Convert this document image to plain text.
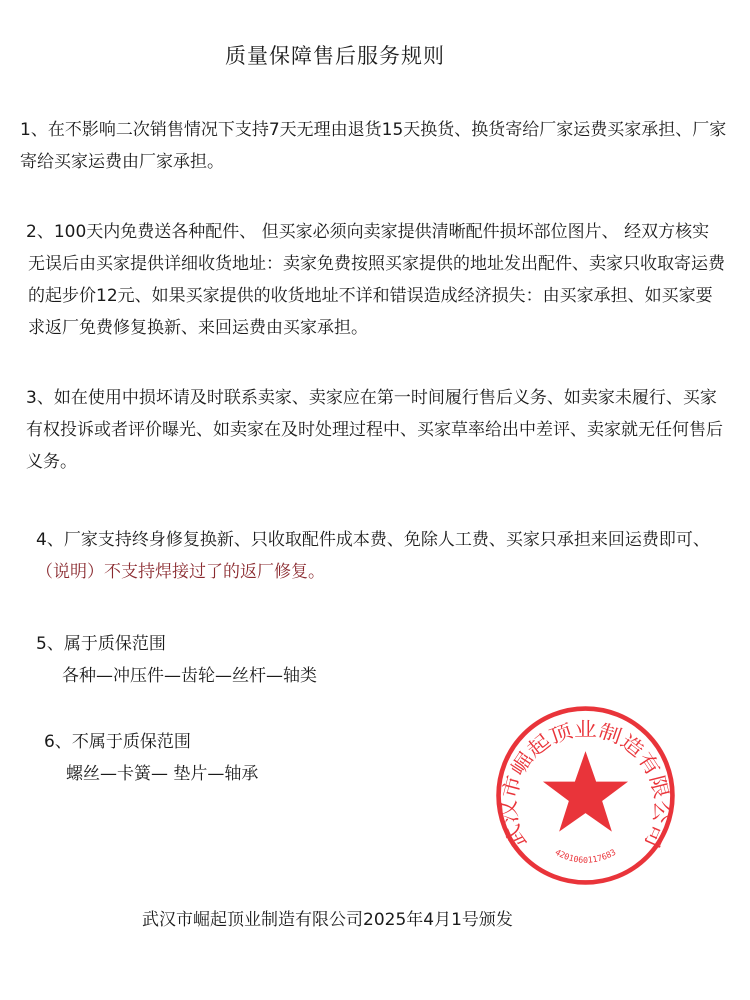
质量保障售后服务规则

1、在不影响二次销售情况下支持7天无理由退货15天换货、换货寄给厂家运费买家承担、厂家寄给买家运费由厂家承担。

2、100天内免费送各种配件、 但买家必须向卖家提供清晰配件损坏部位图片、 经双方核实
无误后由买家提供详细收货地址：卖家免费按照买家提供的地址发出配件、卖家只收取寄运费的起步价12元、如果买家提供的收货地址不详和错误造成经济损失：由买家承担、如买家要求返厂免费修复换新、来回运费由买家承担。

3、如在使用中损坏请及时联系卖家、卖家应在第一时间履行售后义务、如卖家未履行、买家有权投诉或者评价曝光、如卖家在及时处理过程中、买家草率给出中差评、卖家就无任何售后义务。

4、厂家支持终身修复换新、只收取配件成本费、免除人工费、买家只承担来回运费即可、
（说明）不支持焊接过了的返厂修复。

5、属于质保范围
各种—冲压件—齿轮—丝杆—轴类

6、不属于质保范围
螺丝—卡簧— 垫片—轴承

武汉市崛起顶业制造有限公司2025年4月1号颁发
武汉市崛起顶业制造有限公司
4201060117683
